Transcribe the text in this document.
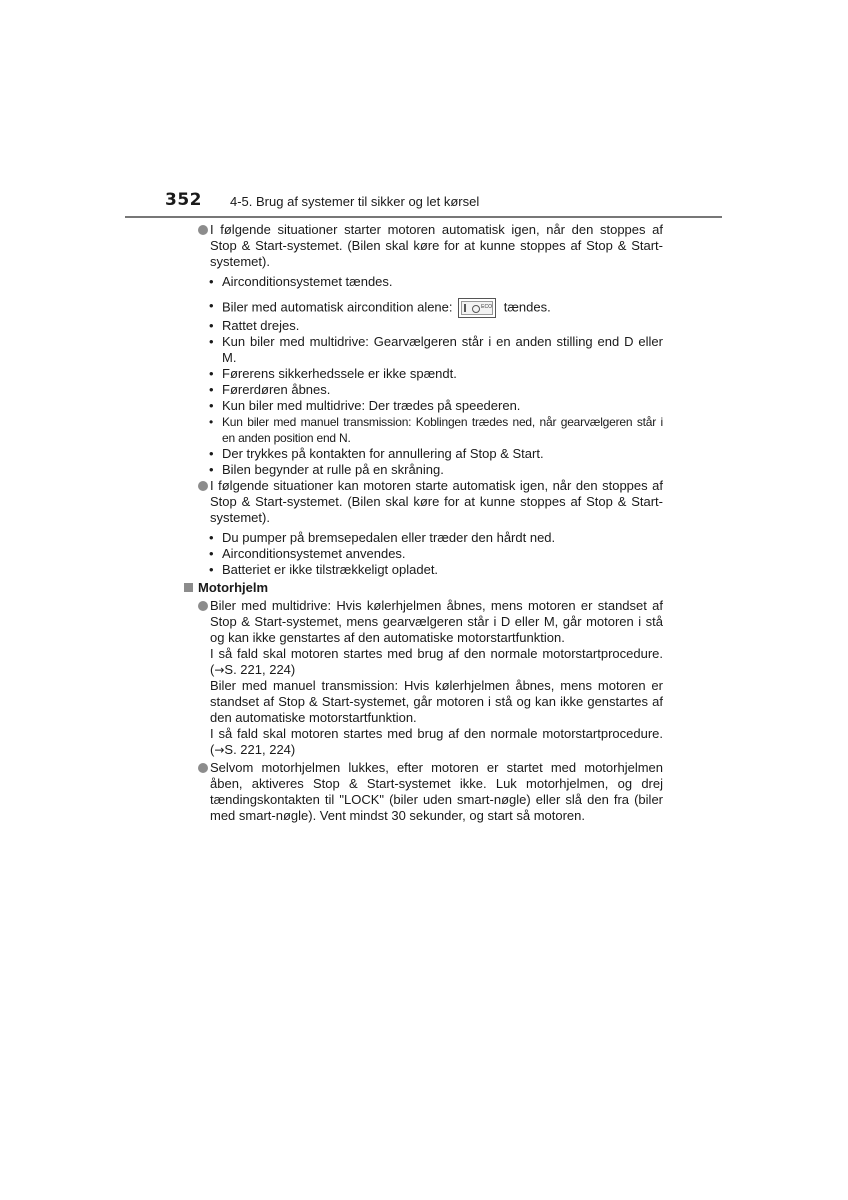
352 4-5. Brug af systemer til sikker og let kørsel
I følgende situationer starter motoren automatisk igen, når den stoppes af Stop & Start-systemet. (Bilen skal køre for at kunne stoppes af Stop & Start-systemet).
• Airconditionsystemet tændes.
• Biler med automatisk aircondition alene:	ECO tændes.
• Rattet drejes.
• Kun biler med multidrive: Gearvælgeren står i en anden stilling end D eller M.
• Førerens sikkerhedssele er ikke spændt.
• Førerdøren åbnes.
• Kun biler med multidrive: Der trædes på speederen.
• Kun biler med manuel transmission: Koblingen trædes ned, når gearvælgeren står i en anden position end N.
• Der trykkes på kontakten for annullering af Stop & Start.
• Bilen begynder at rulle på en skråning.
I følgende situationer kan motoren starte automatisk igen, når den stoppes af Stop & Start-systemet. (Bilen skal køre for at kunne stoppes af Stop & Start-systemet).
• Du pumper på bremsepedalen eller træder den hårdt ned.
• Airconditionsystemet anvendes.
• Batteriet er ikke tilstrækkeligt opladet.
Motorhjelm
Biler med multidrive: Hvis kølerhjelmen åbnes, mens motoren er standset af Stop & Start-systemet, mens gearvælgeren står i D eller M, går motoren i stå og kan ikke genstartes af den automatiske motorstartfunktion.
I så fald skal motoren startes med brug af den normale motorstartprocedure. (→S. 221, 224)
Biler med manuel transmission: Hvis kølerhjelmen åbnes, mens motoren er standset af Stop & Start-systemet, går motoren i stå og kan ikke genstartes af den automatiske motorstartfunktion.
I så fald skal motoren startes med brug af den normale motorstartprocedure. (→S. 221, 224)
Selvom motorhjelmen lukkes, efter motoren er startet med motorhjelmen åben, aktiveres Stop & Start-systemet ikke. Luk motorhjelmen, og drej tændingskontakten til "LOCK" (biler uden smart-nøgle) eller slå den fra (biler med smart-nøgle). Vent mindst 30 sekunder, og start så motoren.
